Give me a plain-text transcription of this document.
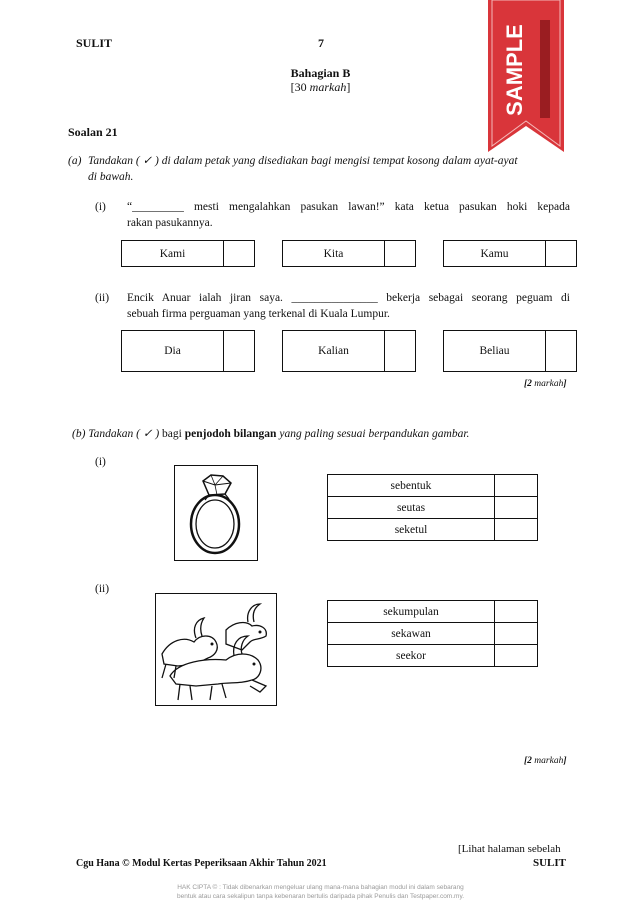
SULIT	7	SAMPLE
Bahagian B
[30 markah]
Soalan 21
(a) Tandakan ( ✓ ) di dalam petak yang disediakan bagi mengisi tempat kosong dalam ayat-ayat
di bawah.
(i) “_________ mesti mengalahkan pasukan lawan!” kata ketua pasukan hoki kepada
rakan pasukannya.
Kami	Kita	Kamu
(ii) Encik Anuar ialah jiran saya. _______________ bekerja sebagai seorang peguam di
sebuah firma perguaman yang terkenal di Kuala Lumpur.
Dia	Kalian	Beliau
[2 markah]
(b) Tandakan ( ✓ ) bagi penjodoh bilangan yang paling sesuai berpandukan gambar.
(i)
sebentuk	
seutas	
seketul	
(ii)
sekumpulan	
sekawan	
seekor	
[2 markah]
[Lihat halaman sebelah
SULIT
Cgu Hana © Modul Kertas Peperiksaan Akhir Tahun 2021
HAK CIPTA © : Tidak dibenarkan mengeluar ulang mana-mana bahagian modul ini dalam sebarang
bentuk atau cara sekalipun tanpa kebenaran bertulis daripada pihak Penulis dan Testpaper.com.my.
